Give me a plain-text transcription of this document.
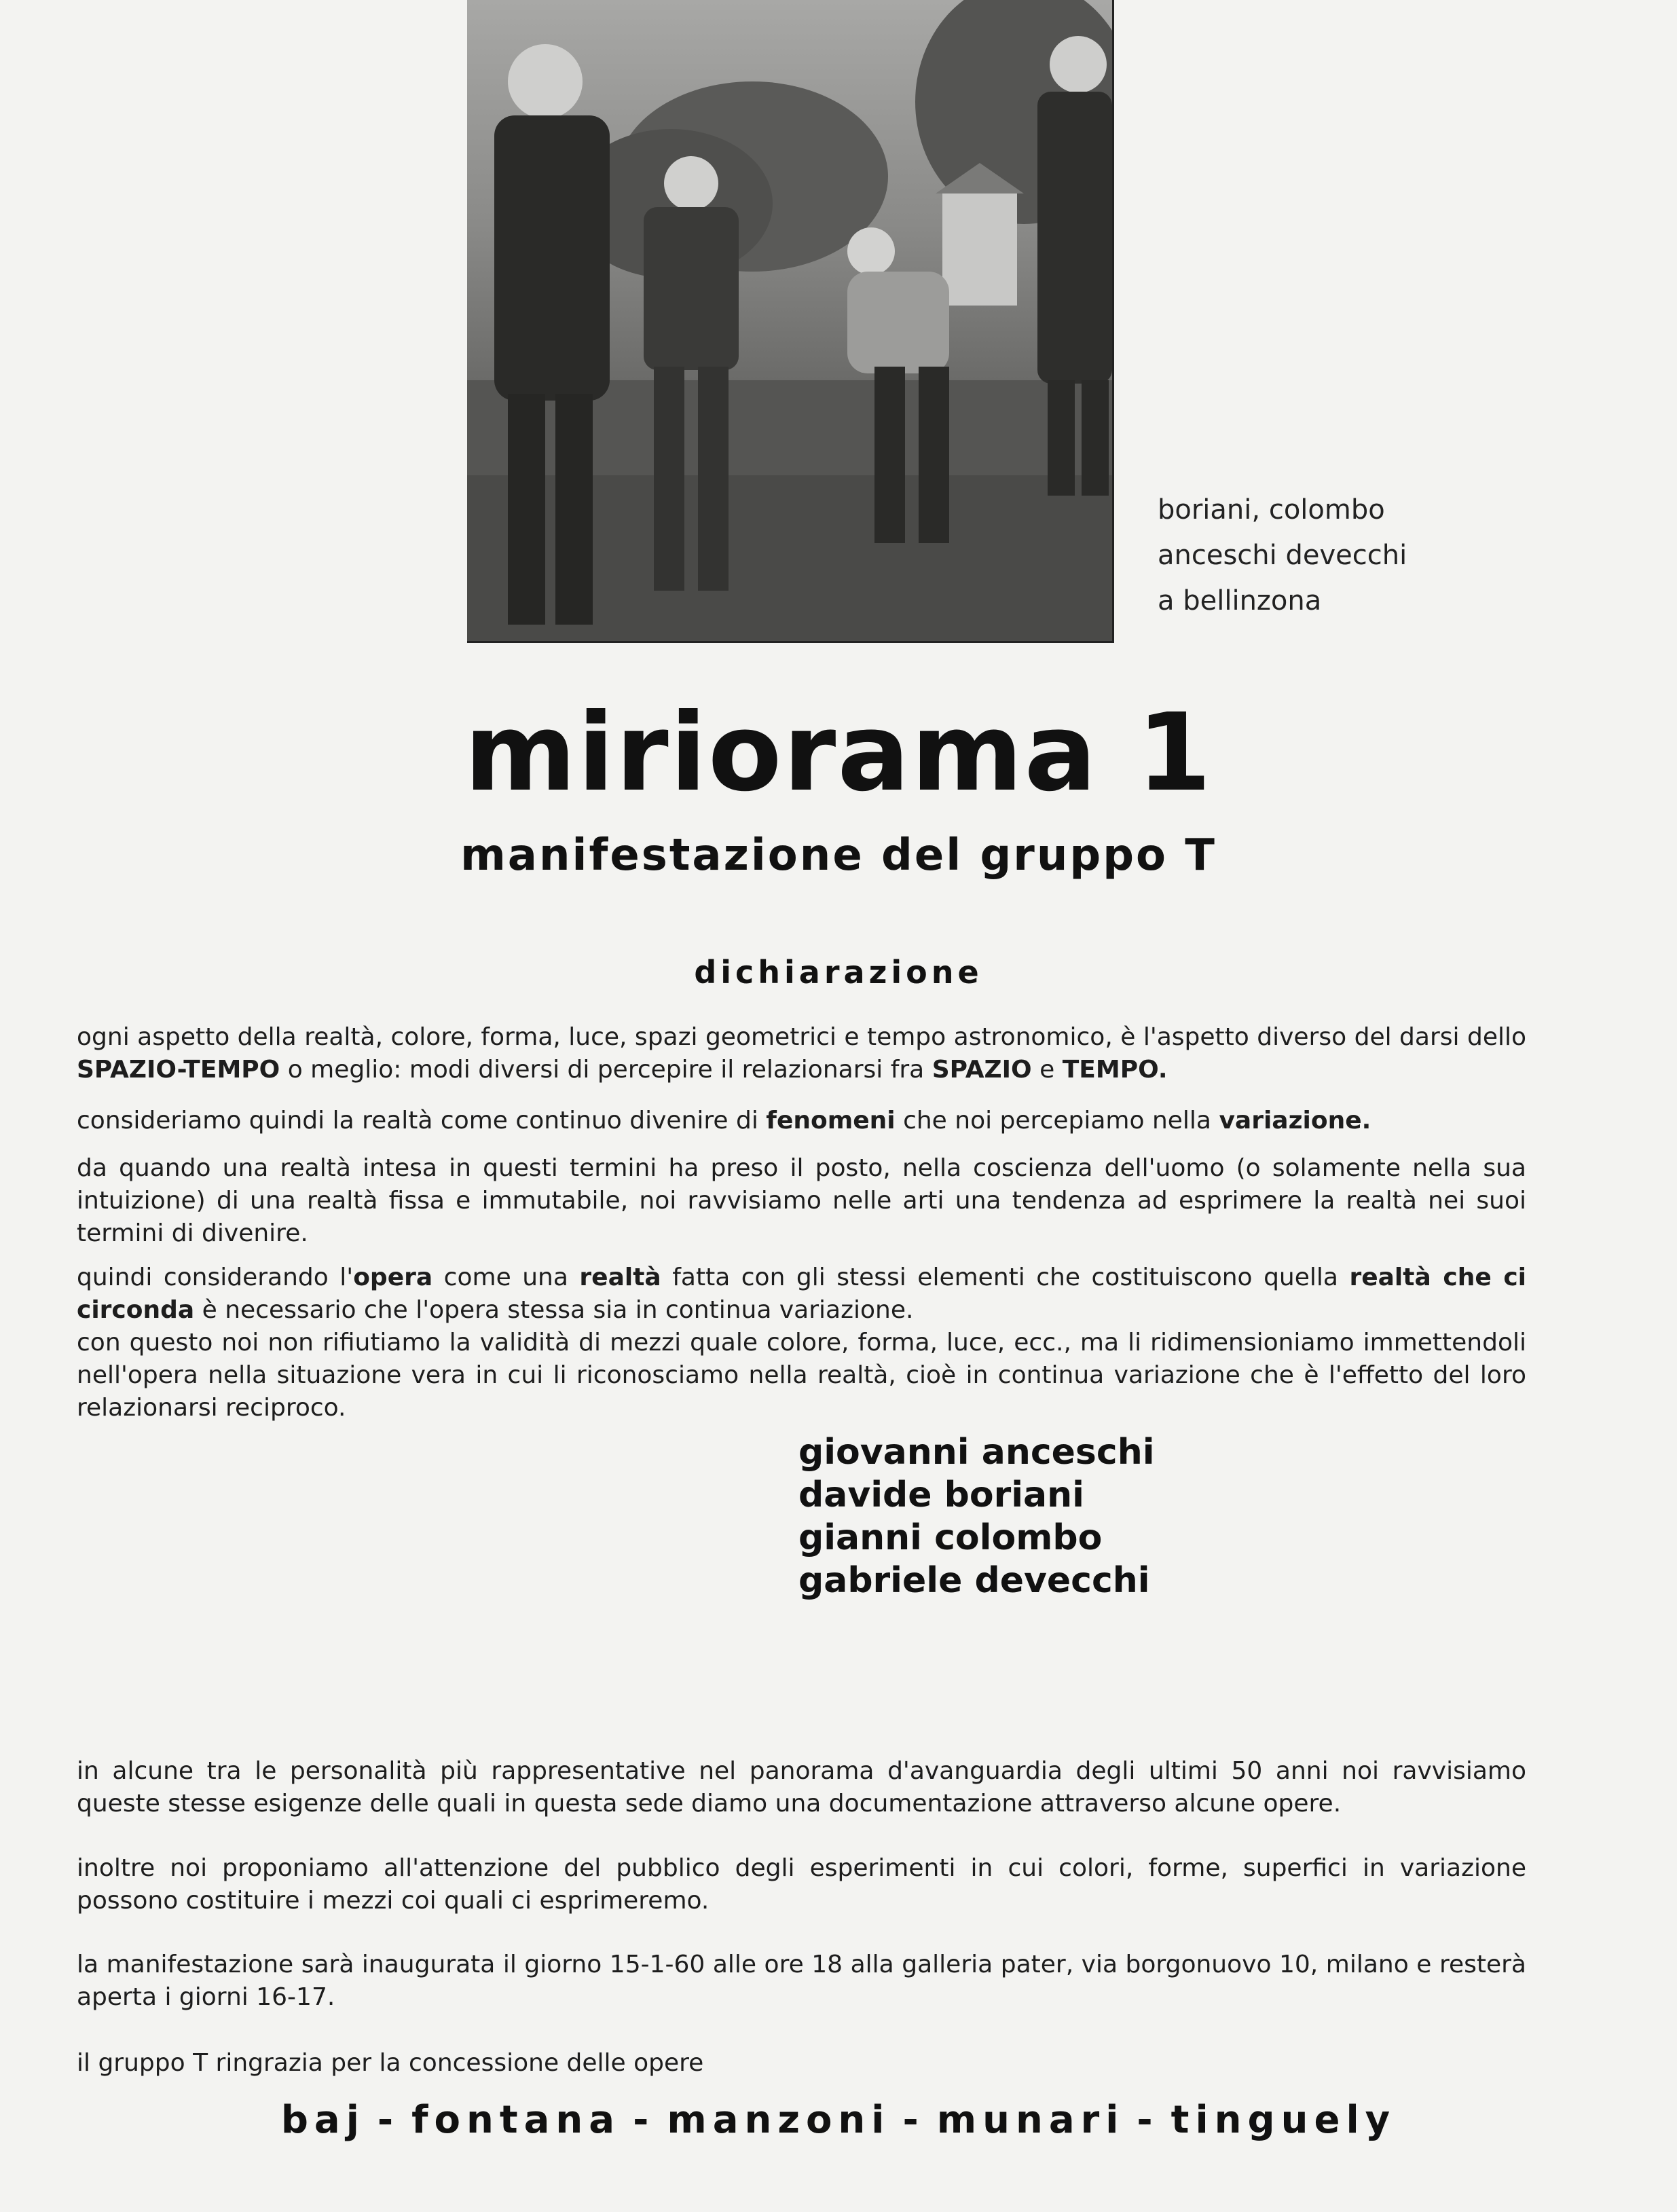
boriani, colombo
anceschi devecchi
a bellinzona
miriorama 1
manifestazione del gruppo T
dichiarazione
ogni aspetto della realtà, colore, forma, luce, spazi geometrici e tempo astronomico, è l'aspetto diverso del darsi dello SPAZIO-TEMPO o meglio: modi diversi di percepire il relazionarsi fra SPAZIO e TEMPO.
consideriamo quindi la realtà come continuo divenire di fenomeni che noi percepiamo nella variazione.
da quando una realtà intesa in questi termini ha preso il posto, nella coscienza dell'uomo (o solamente nella sua intuizione) di una realtà fissa e immutabile, noi ravvisiamo nelle arti una tendenza ad esprimere la realtà nei suoi termini di divenire.
quindi considerando l'opera come una realtà fatta con gli stessi elementi che costituiscono quella realtà che ci circonda è necessario che l'opera stessa sia in continua variazione.
con questo noi non rifiutiamo la validità di mezzi quale colore, forma, luce, ecc., ma li ridimensioniamo immettendoli nell'opera nella situazione vera in cui li riconosciamo nella realtà, cioè in continua variazione che è l'effetto del loro relazionarsi reciproco.
giovanni anceschi
davide boriani
gianni colombo
gabriele devecchi
in alcune tra le personalità più rappresentative nel panorama d'avanguardia degli ultimi 50 anni noi ravvisiamo queste stesse esigenze delle quali in questa sede diamo una documentazione attraverso alcune opere.
inoltre noi proponiamo all'attenzione del pubblico degli esperimenti in cui colori, forme, superfici in variazione possono costituire i mezzi coi quali ci esprimeremo.
la manifestazione sarà inaugurata il giorno 15-1-60 alle ore 18 alla galleria pater, via borgonuovo 10, milano e resterà aperta i giorni 16-17.
il gruppo T ringrazia per la concessione delle opere
baj - fontana - manzoni - munari - tinguely
